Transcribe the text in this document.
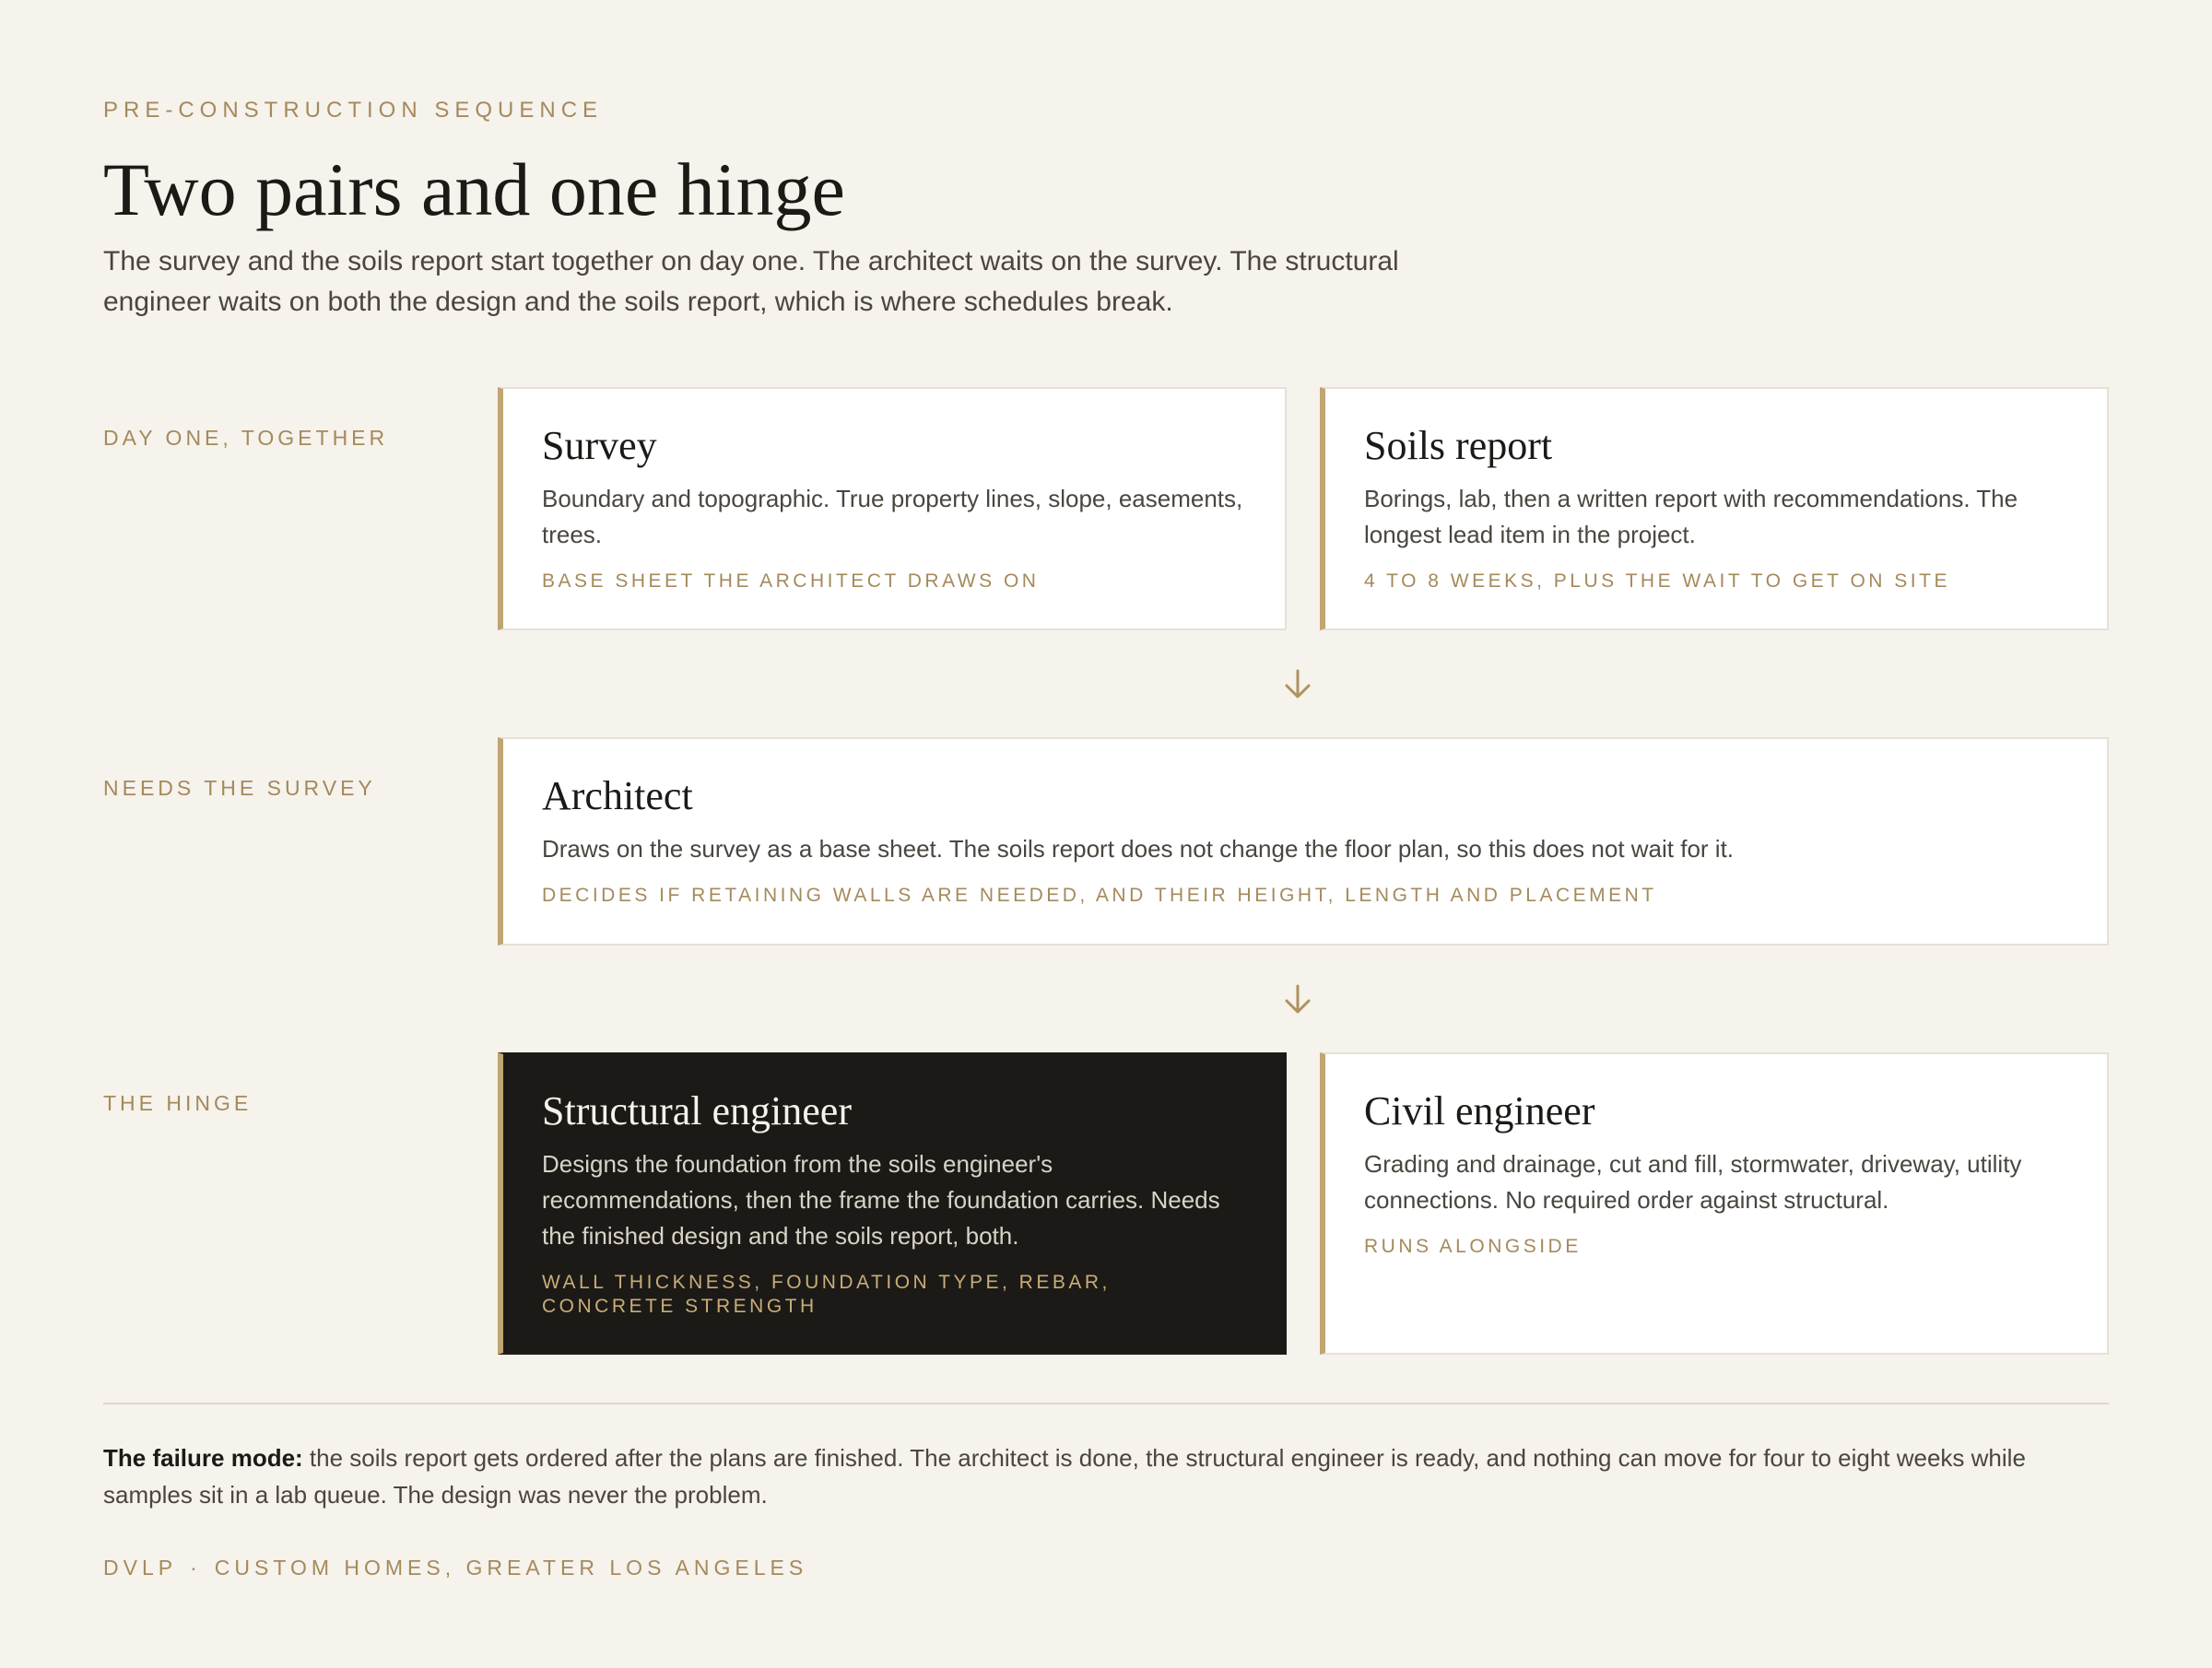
PRE-CONSTRUCTION SEQUENCE
Two pairs and one hinge

The survey and the soils report start together on day one. The architect waits on the survey. The structural engineer waits on both the design and the soils report, which is where schedules break.

DAY ONE, TOGETHER	Survey

Boundary and topographic. True property lines, slope, easements, trees.

BASE SHEET THE ARCHITECT DRAWS ON
Soils report

Borings, lab, then a written report with recommendations. The longest lead item in the project.

4 TO 8 WEEKS, PLUS THE WAIT TO GET ON SITE
NEEDS THE SURVEY	Architect

Draws on the survey as a base sheet. The soils report does not change the floor plan, so this does not wait for it.

DECIDES IF RETAINING WALLS ARE NEEDED, AND THEIR HEIGHT, LENGTH AND PLACEMENT
THE HINGE	Structural engineer

Designs the foundation from the soils engineer's recommendations, then the frame the foundation carries. Needs the finished design and the soils report, both.

WALL THICKNESS, FOUNDATION TYPE, REBAR, CONCRETE STRENGTH
Civil engineer

Grading and drainage, cut and fill, stormwater, driveway, utility connections. No required order against structural.

RUNS ALONGSIDE

The failure mode: the soils report gets ordered after the plans are finished. The architect is done, the structural engineer is ready, and nothing can move for four to eight weeks while samples sit in a lab queue. The design was never the problem.

DVLP · CUSTOM HOMES, GREATER LOS ANGELES
